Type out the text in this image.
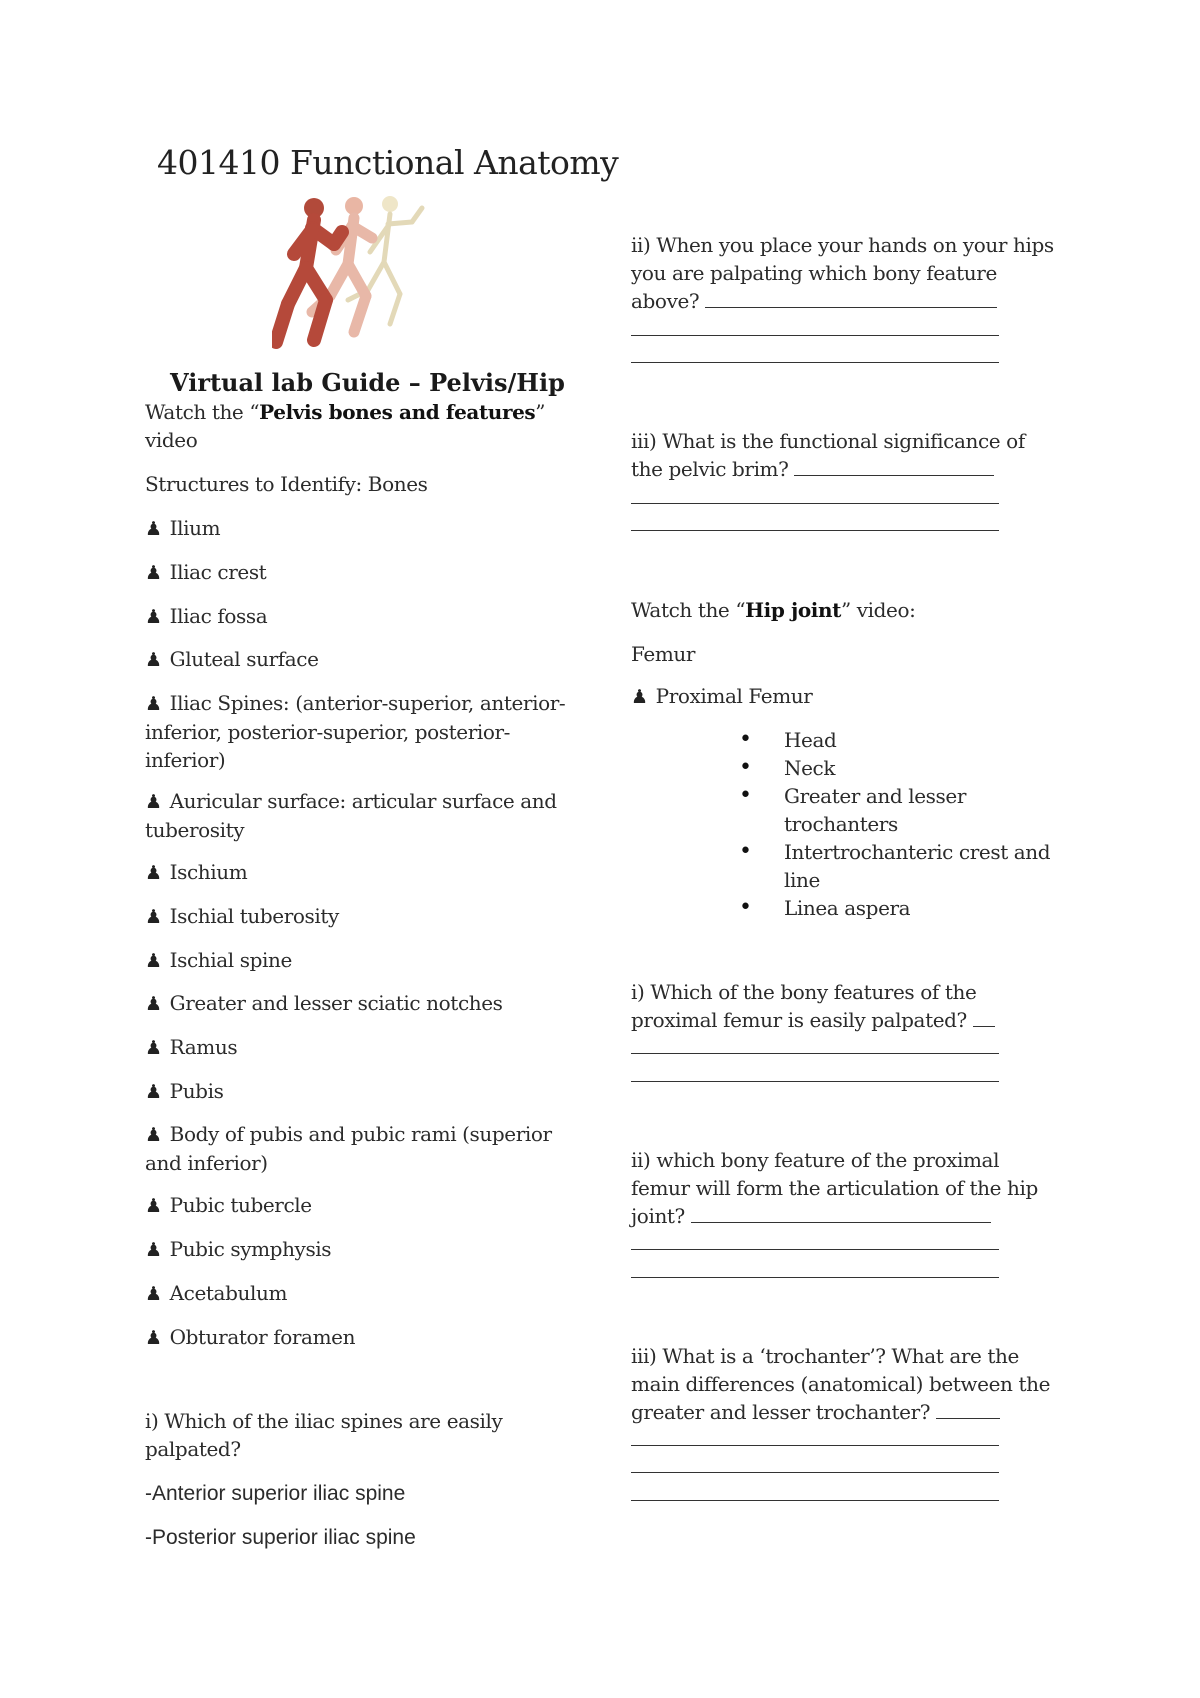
401410 Functional Anatomy
Virtual lab Guide – Pelvis/Hip
Watch the “Pelvis bones and features” video
Structures to Identify: Bones
♟ Ilium
♟ Iliac crest
♟ Iliac fossa
♟ Gluteal surface
♟ Iliac Spines: (anterior-superior, anterior-inferior, posterior-superior, posterior-inferior)
♟ Auricular surface: articular surface and tuberosity
♟ Ischium
♟ Ischial tuberosity
♟ Ischial spine
♟ Greater and lesser sciatic notches
♟ Ramus
♟ Pubis
♟ Body of pubis and pubic rami (superior and inferior)
♟ Pubic tubercle
♟ Pubic symphysis
♟ Acetabulum
♟ Obturator foramen
i) Which of the iliac spines are easily palpated?
-Anterior superior iliac spine
-Posterior superior iliac spine
ii) When you place your hands on your hips you are palpating which bony feature above?
iii) What is the functional significance of the pelvic brim?
Watch the “Hip joint” video:
Femur
♟ Proximal Femur
• Head
• Neck
• Greater and lesser trochanters
• Intertrochanteric crest and line
• Linea aspera
i) Which of the bony features of the proximal femur is easily palpated?
ii) which bony feature of the proximal femur will form the articulation of the hip joint?
iii) What is a ‘trochanter’? What are the main differences (anatomical) between the greater and lesser trochanter?
